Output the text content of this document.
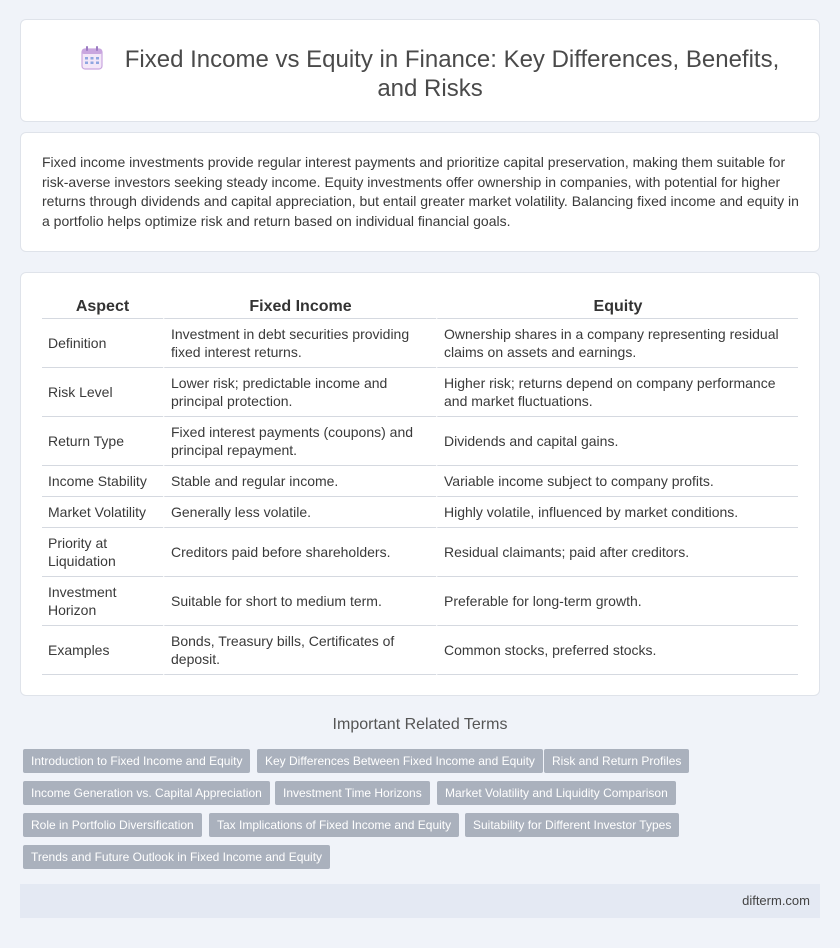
Fixed Income vs Equity in Finance: Key Differences, Benefits, and Risks

Fixed income investments provide regular interest payments and prioritize capital preservation, making them suitable for risk-averse investors seeking steady income. Equity investments offer ownership in companies, with potential for higher returns through dividends and capital appreciation, but entail greater market volatility. Balancing fixed income and equity in a portfolio helps optimize risk and return based on individual financial goals.

Aspect	Fixed Income	Equity
Definition	Investment in debt securities providing fixed interest returns.	Ownership shares in a company representing residual claims on assets and earnings.
Risk Level	Lower risk; predictable income and principal protection.	Higher risk; returns depend on company performance and market fluctuations.
Return Type	Fixed interest payments (coupons) and principal repayment.	Dividends and capital gains.
Income Stability	Stable and regular income.	Variable income subject to company profits.
Market Volatility	Generally less volatile.	Highly volatile, influenced by market conditions.
Priority at Liquidation	Creditors paid before shareholders.	Residual claimants; paid after creditors.
Investment Horizon	Suitable for short to medium term.	Preferable for long-term growth.
Examples	Bonds, Treasury bills, Certificates of deposit.	Common stocks, preferred stocks.
Important Related Terms
Introduction to Fixed Income and Equity	Key Differences Between Fixed Income and Equity	Risk and Return Profiles
Income Generation vs. Capital Appreciation	Investment Time Horizons	Market Volatility and Liquidity Comparison
Role in Portfolio Diversification	Tax Implications of Fixed Income and Equity	Suitability for Different Investor Types
Trends and Future Outlook in Fixed Income and Equity
difterm.com
